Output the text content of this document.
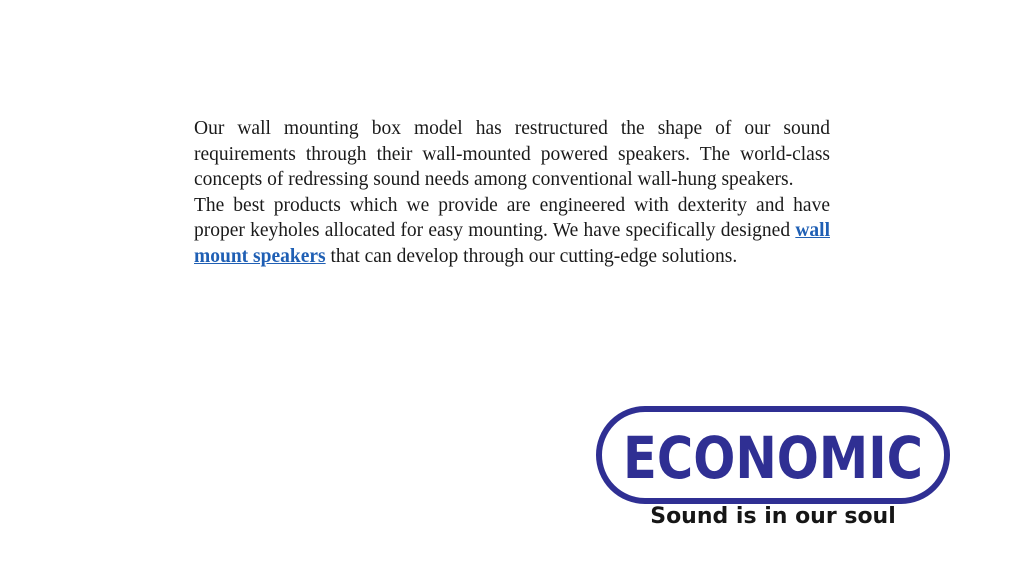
Our wall mounting box model has restructured the shape of our sound requirements through their wall-mounted powered speakers. The world-class concepts of redressing sound needs among conventional wall-hung speakers.

The best products which we provide are engineered with dexterity and have proper keyholes allocated for easy mounting. We have specifically designed wall mount speakers that can develop through our cutting-edge solutions.

ECONOMIC
Sound is in our soul
